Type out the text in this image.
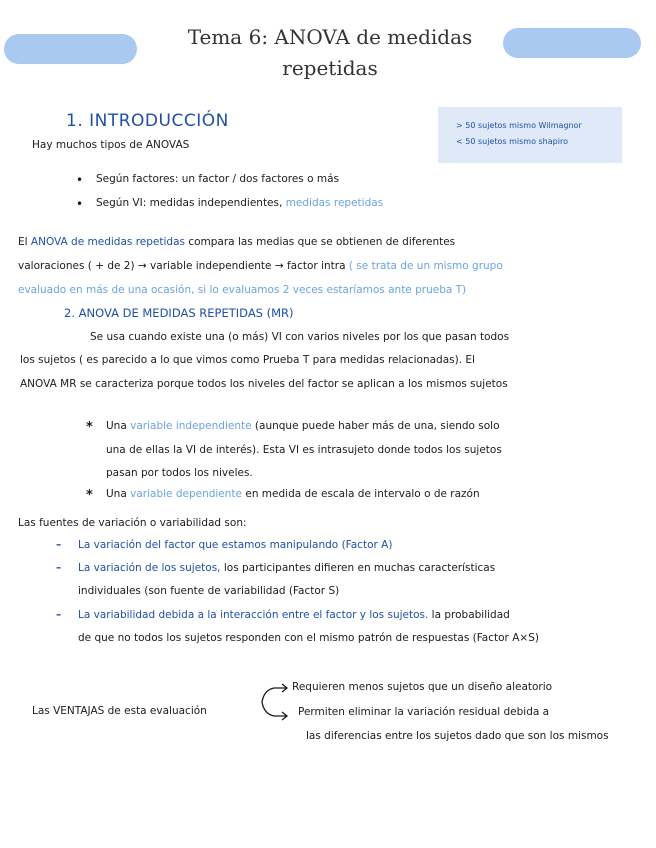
Tema 6: ANOVA de medidas repetidas
> 50 sujetos mismo Wilmagnor
< 50 sujetos mismo shapiro
1. INTRODUCCIÓN
Hay muchos tipos de ANOVAS
• Según factores: un factor / dos factores o más
• Según VI: medidas independientes, medidas repetidas
El ANOVA de medidas repetidas compara las medias que se obtienen de diferentes
valoraciones ( + de 2) → variable independiente → factor intra ( se trata de un mismo grupo
evaluado en más de una ocasión, si lo evaluamos 2 veces estaríamos ante prueba T)
2. ANOVA DE MEDIDAS REPETIDAS (MR)
Se usa cuando existe una (o más) VI con varios niveles por los que pasan todos
los sujetos ( es parecido a lo que vimos como Prueba T para medidas relacionadas). El
ANOVA MR se caracteriza porque todos los niveles del factor se aplican a los mismos sujetos
* Una variable independiente (aunque puede haber más de una, siendo solo
una de ellas la VI de interés). Esta VI es intrasujeto donde todos los sujetos
pasan por todos los niveles.
* Una variable dependiente en medida de escala de intervalo o de razón
Las fuentes de variación o variabilidad son:
– La variación del factor que estamos manipulando (Factor A)
– La variación de los sujetos, los participantes difieren en muchas características
individuales (son fuente de variabilidad (Factor S)
– La variabilidad debida a la interacción entre el factor y los sujetos. la probabilidad
de que no todos los sujetos responden con el mismo patrón de respuestas (Factor A×S)
Las VENTAJAS de esta evaluación
Requieren menos sujetos que un diseño aleatorio
Permiten eliminar la variación residual debida a
las diferencias entre los sujetos dado que son los mismos
